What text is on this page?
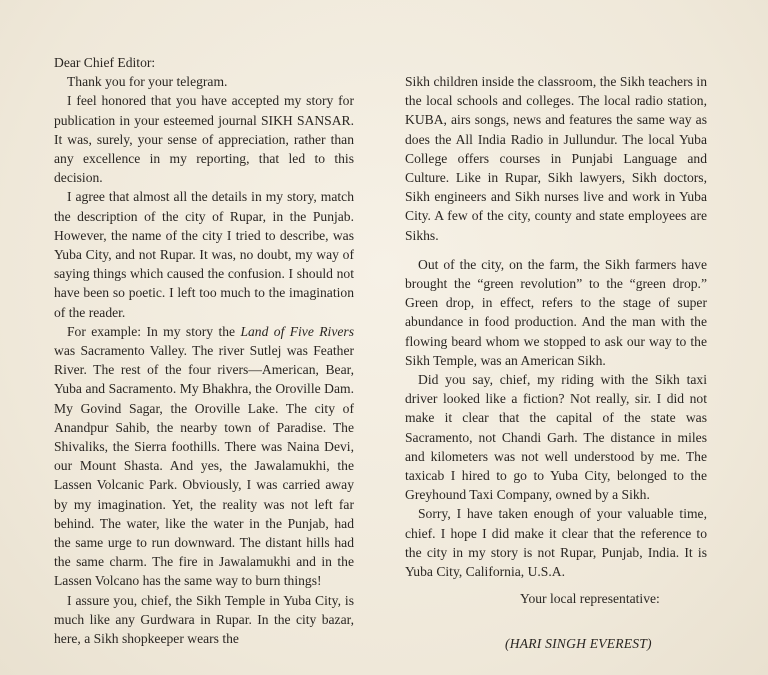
Dear Chief Editor:

Thank you for your telegram.

I feel honored that you have accepted my story for publication in your esteemed journal SIKH SANSAR. It was, surely, your sense of appreciation, rather than any excellence in my reporting, that led to this decision.

I agree that almost all the details in my story, match the description of the city of Rupar, in the Punjab. However, the name of the city I tried to describe, was Yuba City, and not Rupar. It was, no doubt, my way of saying things which caused the confusion. I should not have been so poetic. I left too much to the imagination of the reader.

For example: In my story the Land of Five Rivers was Sacramento Valley. The river Sutlej was Feather River. The rest of the four rivers—American, Bear, Yuba and Sacramento. My Bhakhra, the Oroville Dam. My Govind Sagar, the Oroville Lake. The city of Anandpur Sahib, the nearby town of Paradise. The Shivaliks, the Sierra foothills. There was Naina Devi, our Mount Shasta. And yes, the Jawalamukhi, the Lassen Volcanic Park. Obviously, I was carried away by my imagination. Yet, the reality was not left far behind. The water, like the water in the Punjab, had the same urge to run downward. The distant hills had the same charm. The fire in Jawalamukhi and in the Lassen Volcano has the same way to burn things!

I assure you, chief, the Sikh Temple in Yuba City, is much like any Gurdwara in Rupar. In the city bazar, here, a Sikh shopkeeper wears the

Sikh children inside the classroom, the Sikh teachers in the local schools and colleges. The local radio station, KUBA, airs songs, news and features the same way as does the All India Radio in Jullundur. The local Yuba College offers courses in Punjabi Language and Culture. Like in Rupar, Sikh lawyers, Sikh doctors, Sikh engineers and Sikh nurses live and work in Yuba City. A few of the city, county and state employees are Sikhs.

Out of the city, on the farm, the Sikh farmers have brought the “green revolution” to the “green drop.” Green drop, in effect, refers to the stage of super abundance in food production. And the man with the flowing beard whom we stopped to ask our way to the Sikh Temple, was an American Sikh.

Did you say, chief, my riding with the Sikh taxi driver looked like a fiction? Not really, sir. I did not make it clear that the capital of the state was Sacramento, not Chandi Garh. The distance in miles and kilometers was not well understood by me. The taxicab I hired to go to Yuba City, belonged to the Greyhound Taxi Company, owned by a Sikh.

Sorry, I have taken enough of your valuable time, chief. I hope I did make it clear that the reference to the city in my story is not Rupar, Punjab, India. It is Yuba City, California, U.S.A.

Your local representative:

(HARI SINGH EVEREST)
